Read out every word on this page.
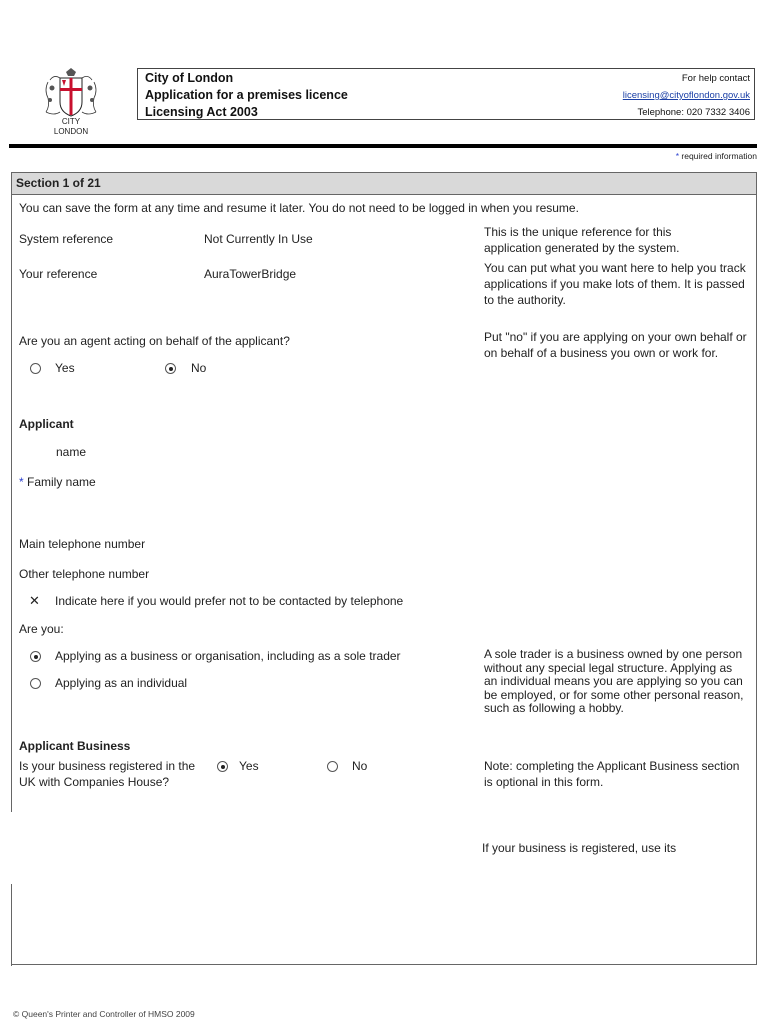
CITY
LONDON
City of London
Application for a premises licence
Licensing Act 2003
For help contact
licensing@cityoflondon.gov.uk
Telephone: 020 7332 3406
* required information
Section 1 of 21
You can save the form at any time and resume it later. You do not need to be logged in when you resume.
System reference	Not Currently In Use	This is the unique reference for this application generated by the system.
Your reference	AuraTowerBridge	You can put what you want here to help you track applications if you make lots of them. It is passed to the authority.
Are you an agent acting on behalf of the applicant?	Put "no" if you are applying on your own behalf or on behalf of a business you own or work for.
Yes	No
Applicant
name
* Family name
Main telephone number
Other telephone number
✕ Indicate here if you would prefer not to be contacted by telephone
Are you:
Applying as a business or organisation, including as a sole trader
Applying as an individual
A sole trader is a business owned by one person without any special legal structure. Applying as an individual means you are applying so you can be employed, or for some other personal reason, such as following a hobby.
Applicant Business
Is your business registered in the UK with Companies House?
Yes	No	Note: completing the Applicant Business section is optional in this form.
If your business is registered, use its
© Queen's Printer and Controller of HMSO 2009
